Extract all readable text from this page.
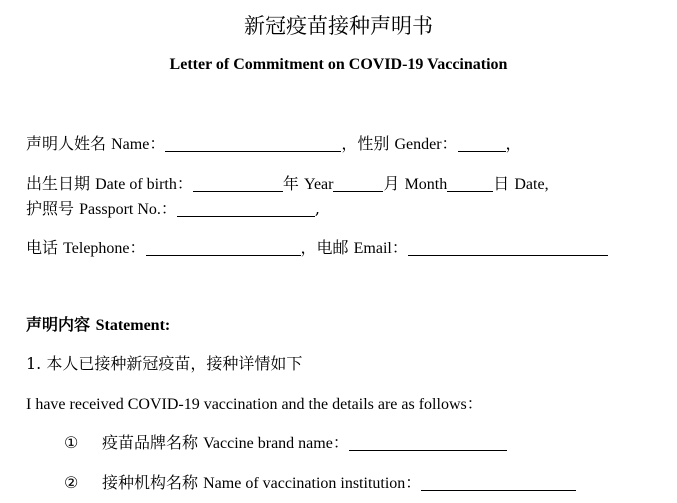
新冠疫苗接种声明书
Letter of Commitment on COVID-19 Vaccination
声明人姓名 Name：	，性别 Gender：	，
出生日期 Date of birth：	年 Year	月 Month	日 Date,
护照号 Passport No.：	,
电话 Telephone：	，电邮 Email：
声明内容 Statement:
1. 本人已接种新冠疫苗，接种详情如下
I have received COVID-19 vaccination and the details are as follows：
① 疫苗品牌名称 Vaccine brand name：
② 接种机构名称 Name of vaccination institution：
